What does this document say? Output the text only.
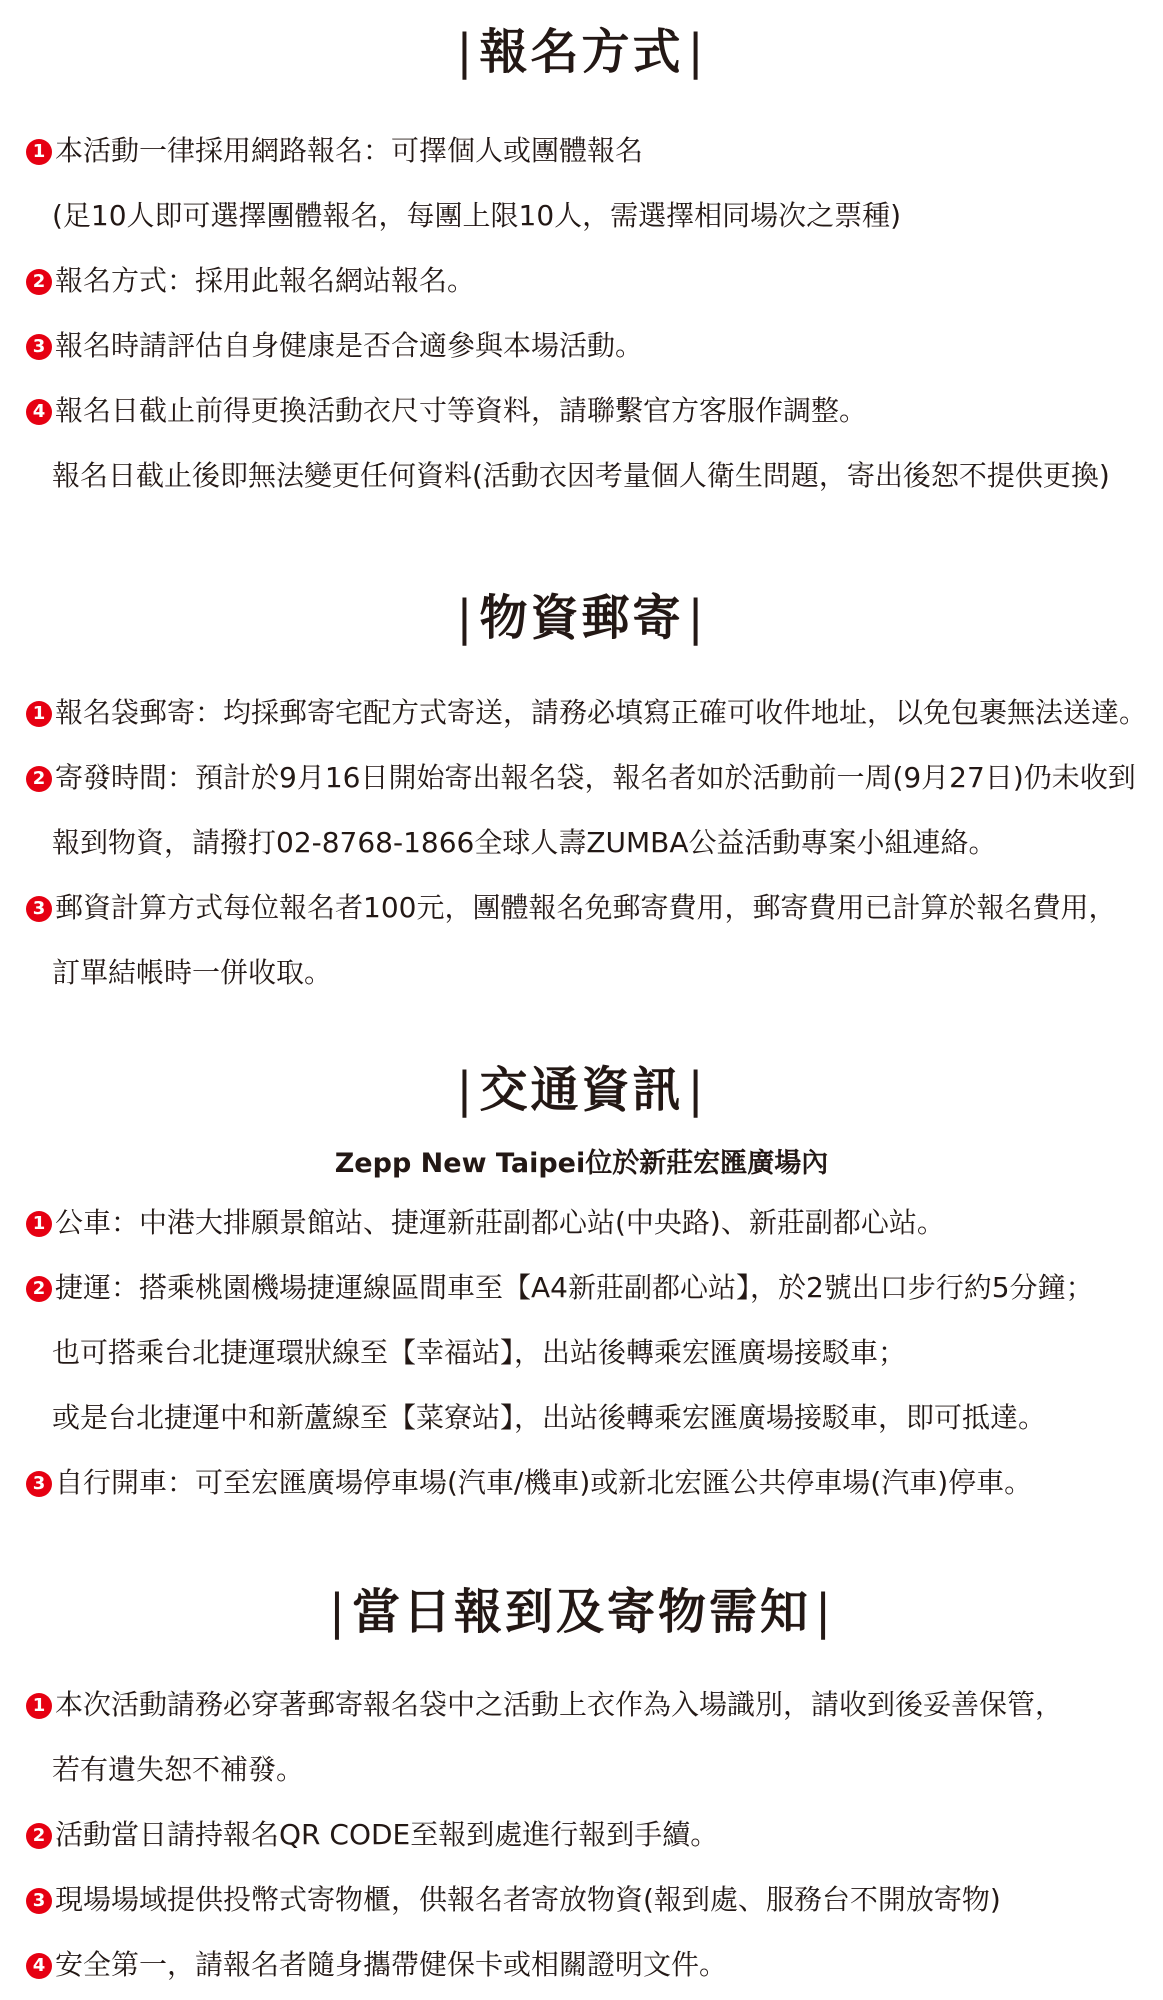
|報名方式|
1 本活動一律採用網路報名：可擇個人或團體報名
(足10人即可選擇團體報名，每團上限10人，需選擇相同場次之票種)
2 報名方式：採用此報名網站報名。
3 報名時請評估自身健康是否合適參與本場活動。
4 報名日截止前得更換活動衣尺寸等資料，請聯繫官方客服作調整。
報名日截止後即無法變更任何資料(活動衣因考量個人衛生問題，寄出後恕不提供更換)
|物資郵寄|
1 報名袋郵寄：均採郵寄宅配方式寄送，請務必填寫正確可收件地址，以免包裹無法送達。
2 寄發時間：預計於9月16日開始寄出報名袋，報名者如於活動前一周(9月27日)仍未收到
報到物資，請撥打02-8768-1866全球人壽ZUMBA公益活動專案小組連絡。
3 郵資計算方式每位報名者100元，團體報名免郵寄費用，郵寄費用已計算於報名費用，
訂單結帳時一併收取。
|交通資訊|
Zepp New Taipei位於新莊宏匯廣場內
1 公車：中港大排願景館站、捷運新莊副都心站(中央路)、新莊副都心站。
2 捷運：搭乘桃園機場捷運線區間車至【A4新莊副都心站】，於2號出口步行約5分鐘；
也可搭乘台北捷運環狀線至【幸福站】，出站後轉乘宏匯廣場接駁車；
或是台北捷運中和新蘆線至【菜寮站】，出站後轉乘宏匯廣場接駁車，即可抵達。
3 自行開車：可至宏匯廣場停車場(汽車/機車)或新北宏匯公共停車場(汽車)停車。
|當日報到及寄物需知|
1 本次活動請務必穿著郵寄報名袋中之活動上衣作為入場識別，請收到後妥善保管，
若有遺失恕不補發。
2 活動當日請持報名QR CODE至報到處進行報到手續。
3 現場場域提供投幣式寄物櫃，供報名者寄放物資(報到處、服務台不開放寄物)
4 安全第一，請報名者隨身攜帶健保卡或相關證明文件。
